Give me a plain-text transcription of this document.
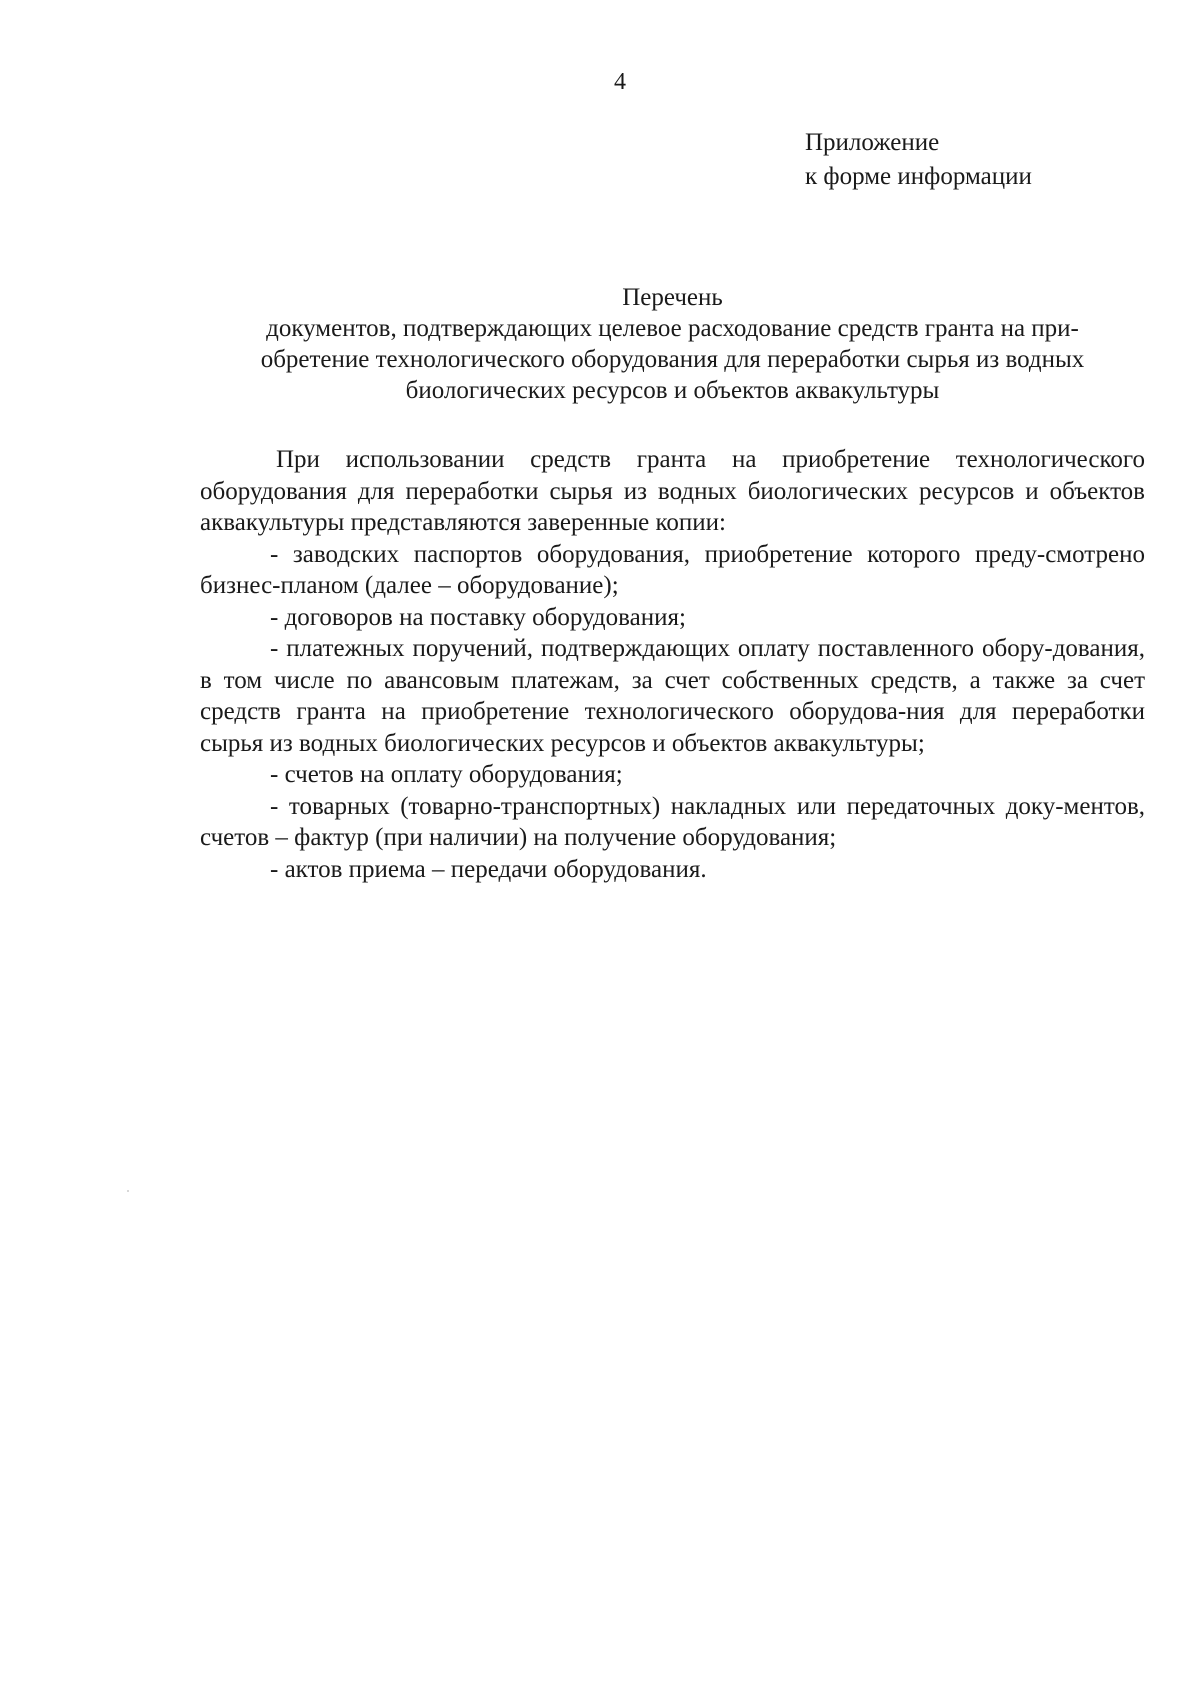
4
Приложение
к форме информации
Перечень
документов, подтверждающих целевое расходование средств гранта на при-
обретение технологического оборудования для переработки сырья из водных
биологических ресурсов и объектов аквакультуры

При использовании средств гранта на приобретение технологического оборудования для переработки сырья из водных биологических ресурсов и объектов аквакультуры представляются заверенные копии:

- заводских паспортов оборудования, приобретение которого преду-смотрено бизнес-планом (далее – оборудование);

- договоров на поставку оборудования;

- платежных поручений, подтверждающих оплату поставленного обору-дования, в том числе по авансовым платежам, за счет собственных средств, а также за счет средств гранта на приобретение технологического оборудова-ния для переработки сырья из водных биологических ресурсов и объектов аквакультуры;

- счетов на оплату оборудования;

- товарных (товарно-транспортных) накладных или передаточных доку-ментов, счетов – фактур (при наличии) на получение оборудования;

- актов приема – передачи оборудования.
